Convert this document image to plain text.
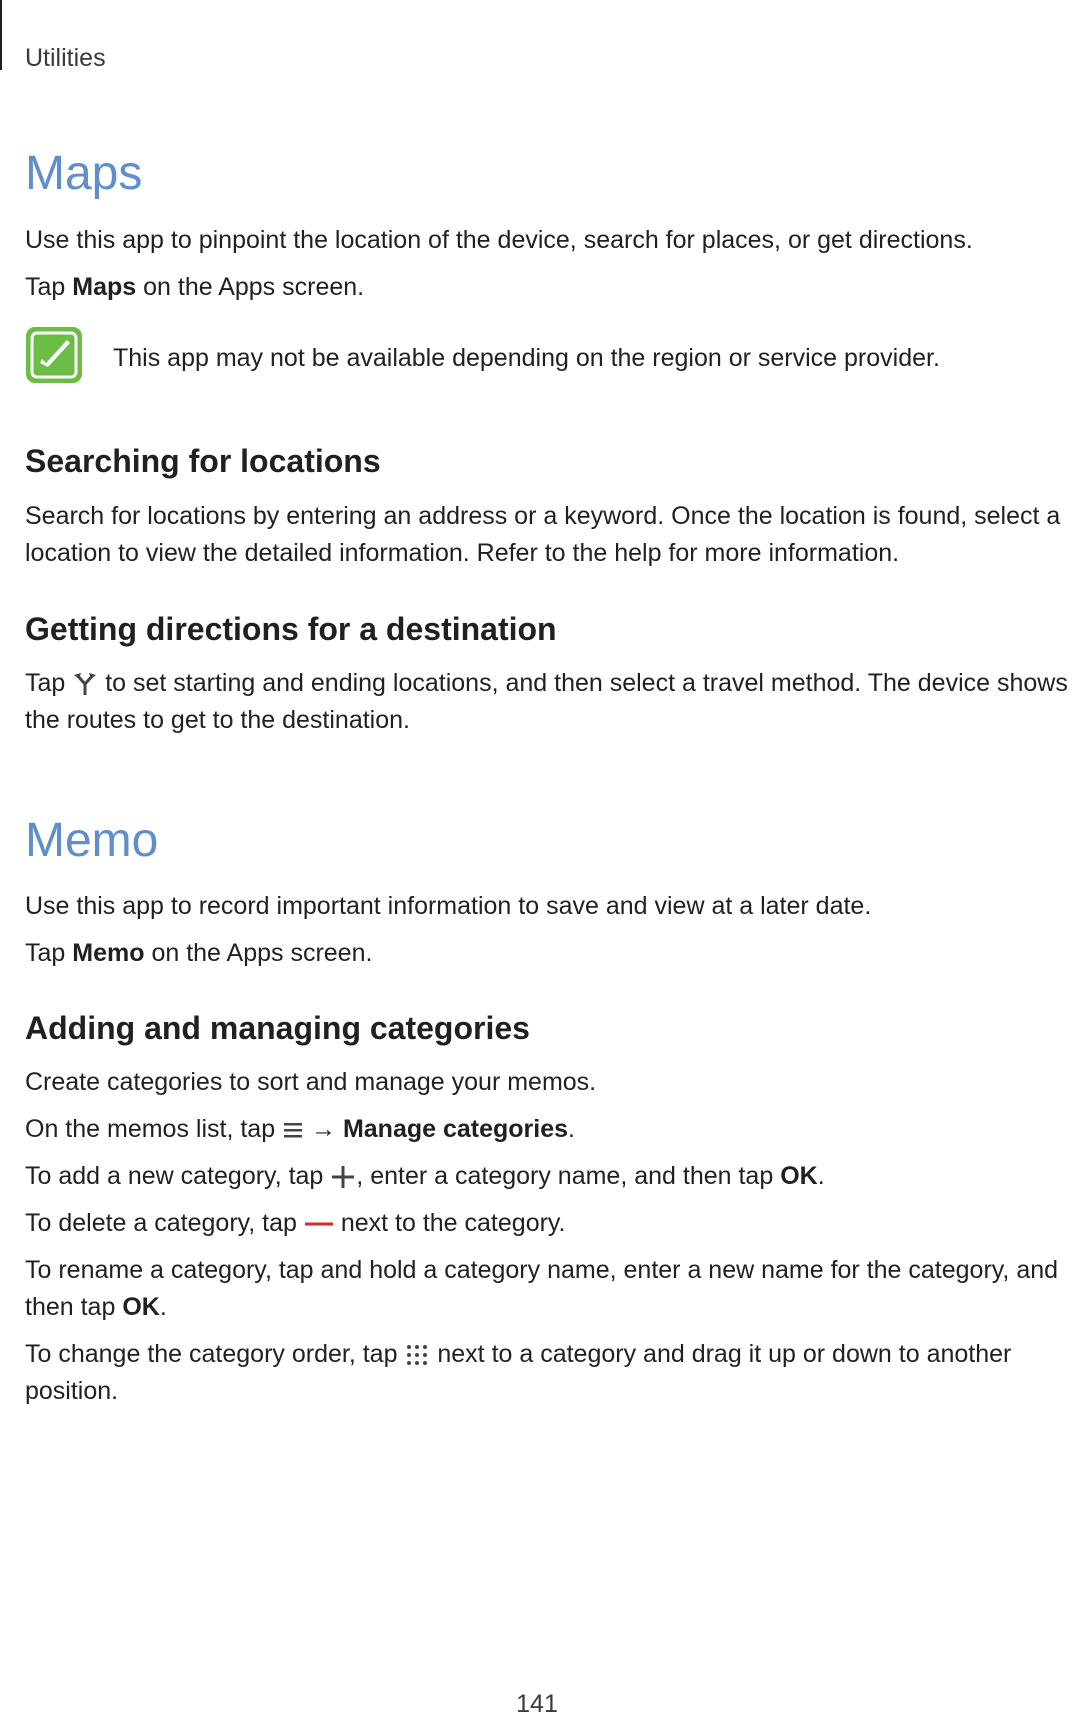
Utilities
Maps

Use this app to pinpoint the location of the device, search for places, or get directions.

Tap Maps on the Apps screen.

This app may not be available depending on the region or service provider.

Searching for locations

Search for locations by entering an address or a keyword. Once the location is found, select a location to view the detailed information. Refer to the help for more information.

Getting directions for a destination

Tap  to set starting and ending locations, and then select a travel method. The device shows the routes to get to the destination.

Memo

Use this app to record important information to save and view at a later date.

Tap Memo on the Apps screen.

Adding and managing categories

Create categories to sort and manage your memos.

On the memos list, tap  → Manage categories.

To add a new category, tap , enter a category name, and then tap OK.

To delete a category, tap  next to the category.

To rename a category, tap and hold a category name, enter a new name for the category, and then tap OK.

To change the category order, tap  next to a category and drag it up or down to another position.

141
